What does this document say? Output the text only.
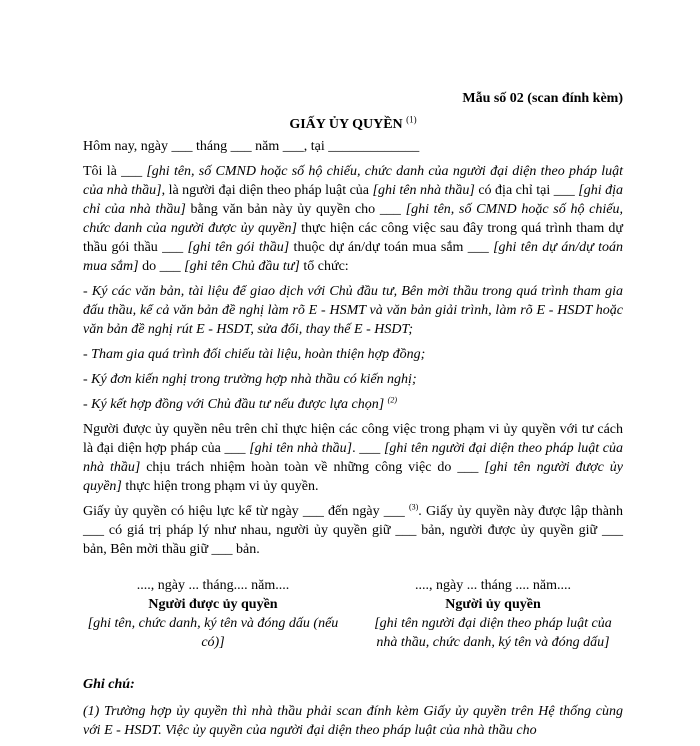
Mẫu số 02 (scan đính kèm)
GIẤY ỦY QUYỀN $^{(1)}$

Hôm nay, ngày ___ tháng ___ năm ___, tại _____________

Tôi là ___ [ghi tên, số CMND hoặc số hộ chiếu, chức danh của người đại diện theo pháp luật của nhà thầu], là người đại diện theo pháp luật của [ghi tên nhà thầu] có địa chỉ tại ___ [ghi địa chỉ của nhà thầu] bằng văn bản này ủy quyền cho ___ [ghi tên, số CMND hoặc số hộ chiếu, chức danh của người được ủy quyền] thực hiện các công việc sau đây trong quá trình tham dự thầu gói thầu ___ [ghi tên gói thầu] thuộc dự án/dự toán mua sắm ___ [ghi tên dự án/dự toán mua sắm] do ___ [ghi tên Chủ đầu tư] tổ chức:

- Ký các văn bản, tài liệu để giao dịch với Chủ đầu tư, Bên mời thầu trong quá trình tham gia đấu thầu, kể cả văn bản đề nghị làm rõ E - HSMT và văn bản giải trình, làm rõ E - HSDT hoặc văn bản đề nghị rút E - HSDT, sửa đổi, thay thế E - HSDT;

- Tham gia quá trình đối chiếu tài liệu, hoàn thiện hợp đồng;

- Ký đơn kiến nghị trong trường hợp nhà thầu có kiến nghị;

- Ký kết hợp đồng với Chủ đầu tư nếu được lựa chọn] $^{(2)}$

Người được ủy quyền nêu trên chỉ thực hiện các công việc trong phạm vi ủy quyền với tư cách là đại diện hợp pháp của ___ [ghi tên nhà thầu]. ___ [ghi tên người đại diện theo pháp luật của nhà thầu] chịu trách nhiệm hoàn toàn về những công việc do ___ [ghi tên người được ủy quyền] thực hiện trong phạm vi ủy quyền.

Giấy ủy quyền có hiệu lực kể từ ngày ___ đến ngày ___ $^{(3)}$. Giấy ủy quyền này được lập thành ___ có giá trị pháp lý như nhau, người ủy quyền giữ ___ bản, người được ủy quyền giữ ___ bản, Bên mời thầu giữ ___ bản.

...., ngày ... tháng.... năm....
Người được ủy quyền
[ghi tên, chức danh, ký tên và đóng dấu (nếu có)]
...., ngày ... tháng .... năm....
Người ủy quyền
[ghi tên người đại diện theo pháp luật của nhà thầu, chức danh, ký tên và đóng dấu]
Ghi chú:

(1) Trường hợp ủy quyền thì nhà thầu phải scan đính kèm Giấy ủy quyền trên Hệ thống cùng với E - HSDT. Việc ủy quyền của người đại diện theo pháp luật của nhà thầu cho
